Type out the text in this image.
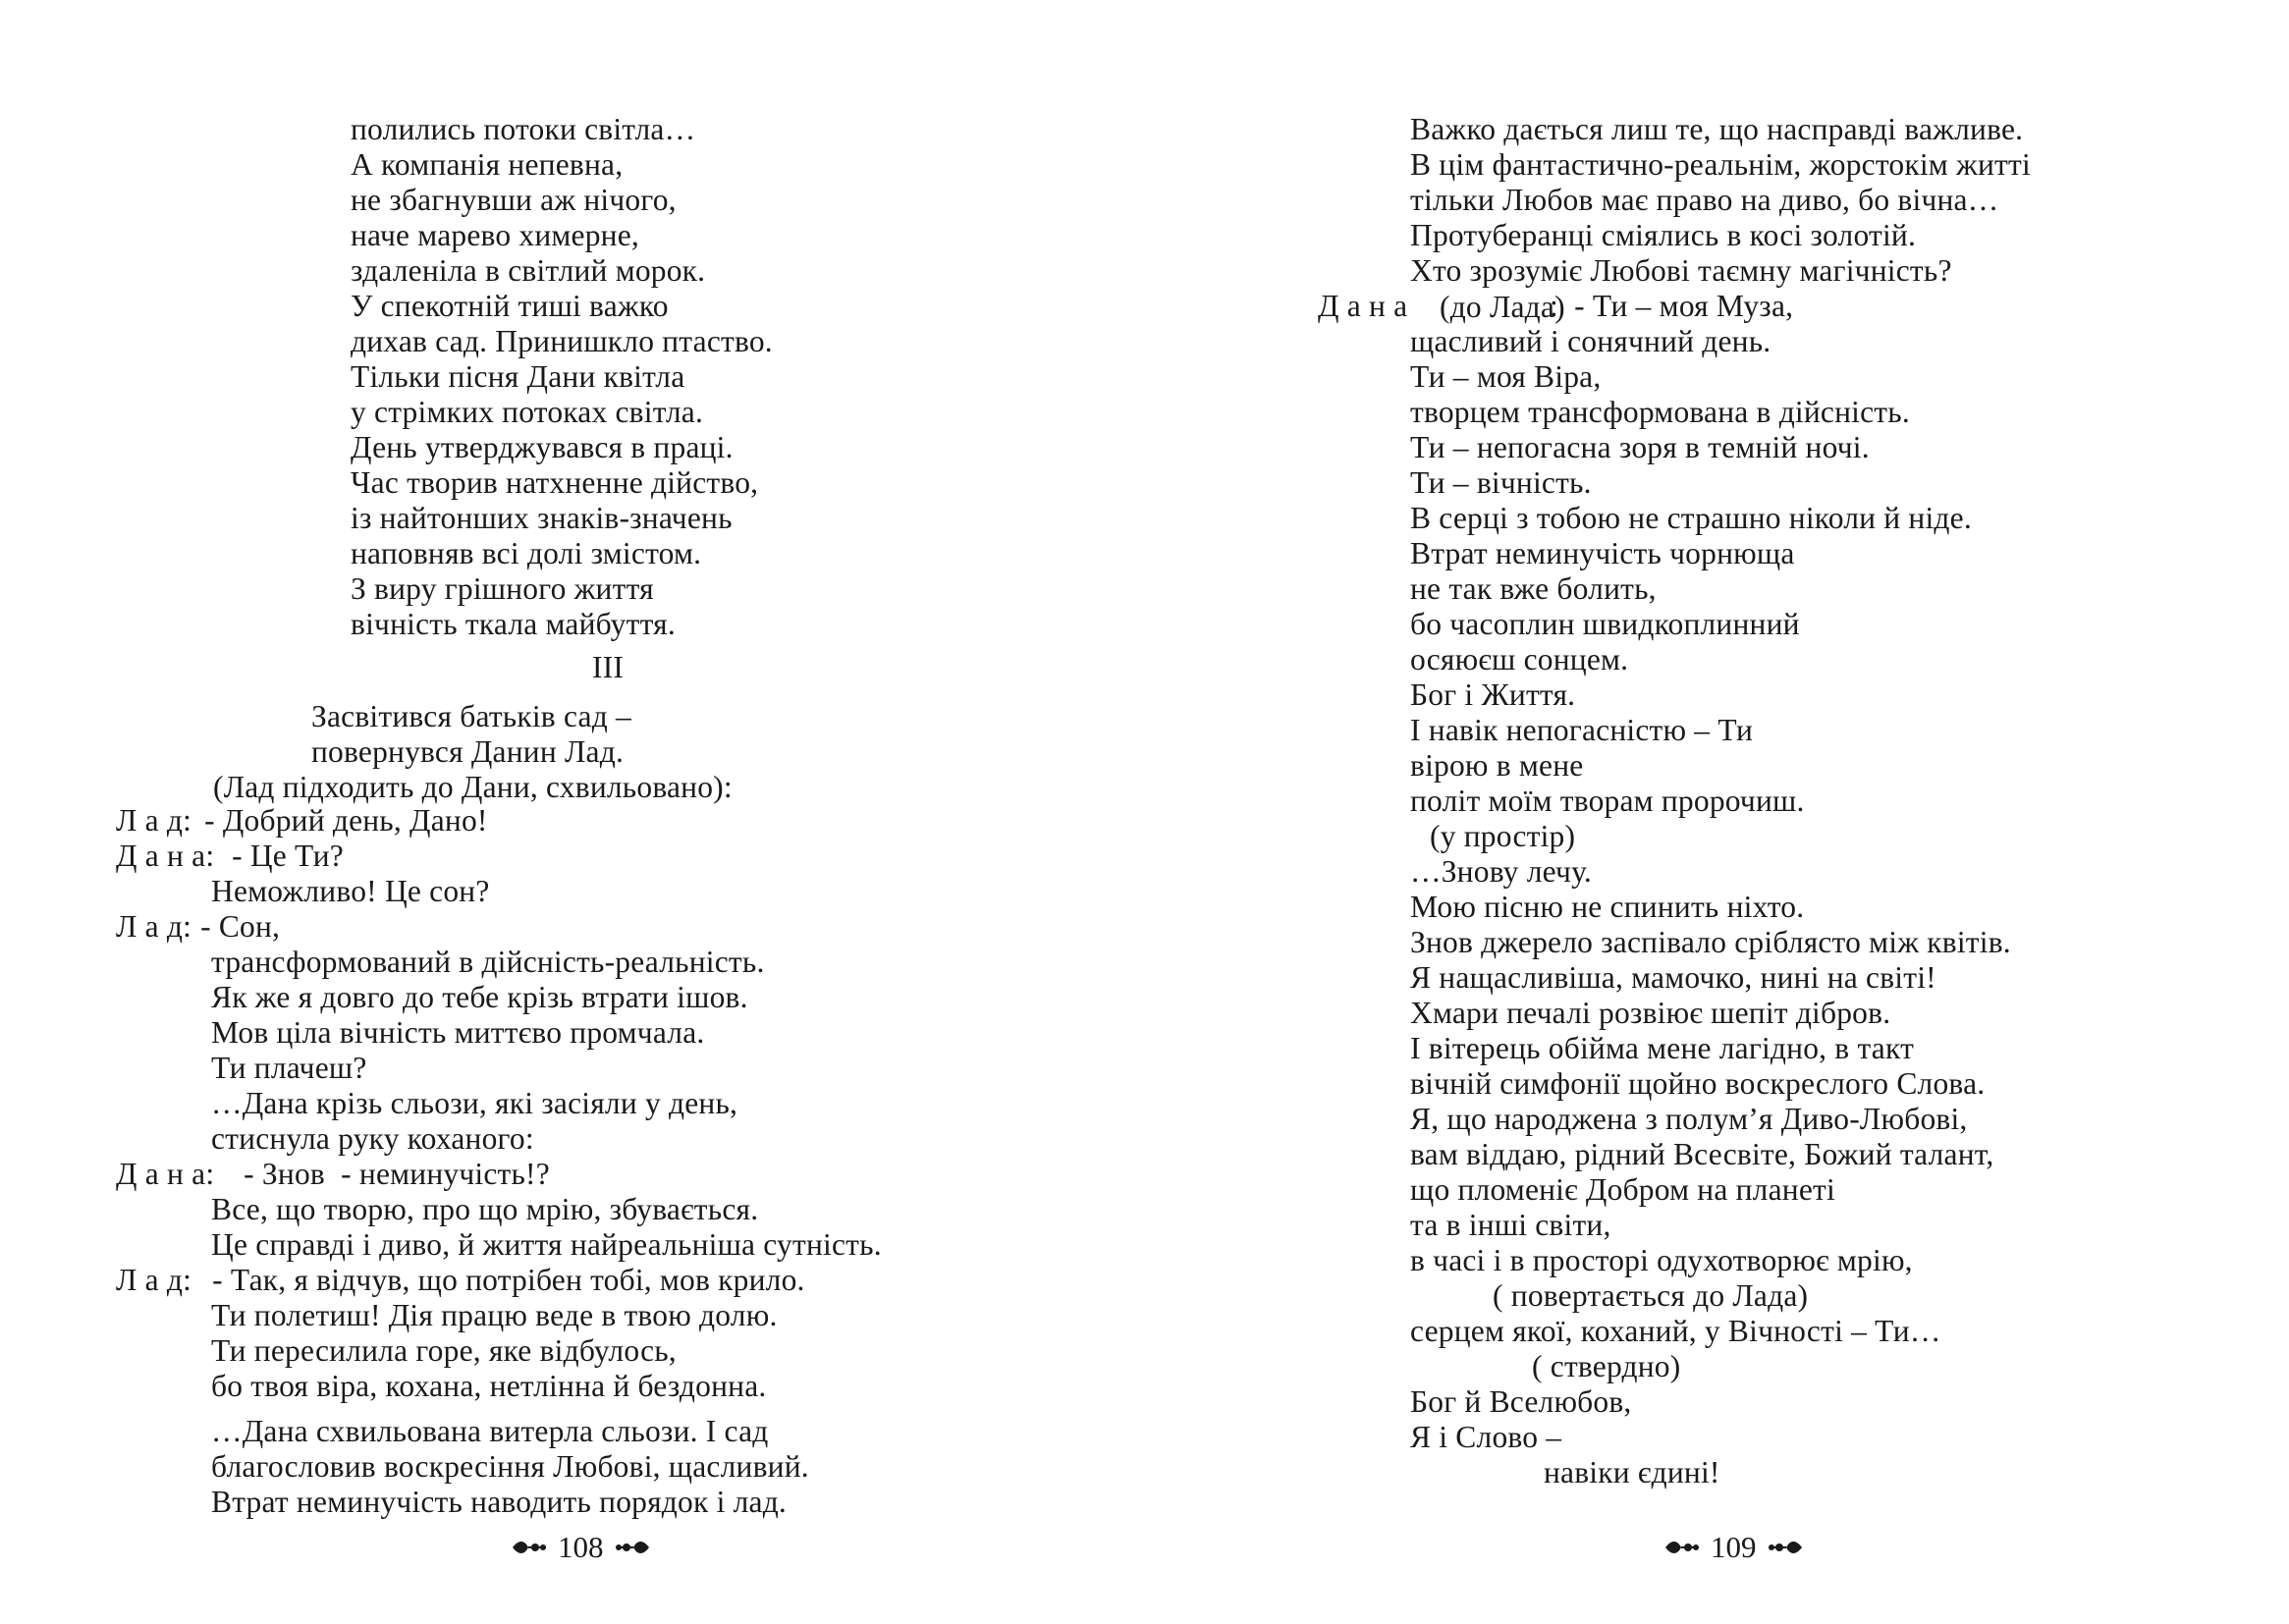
полились потоки світла…
А компанія непевна,
не збагнувши аж нічого,
наче марево химерне,
здаленіла в світлий морок.
У спекотній тиші важко
дихав сад. Принишкло птаство.
Тільки пісня Дани квітла
у стрімких потоках світла.
День утверджувався в праці.
Час творив натхненне дійство,
із найтонших знаків-значень
наповняв всі долі змістом.
З виру грішного життя
вічність ткала майбуття.
III
Засвітився батьків сад –
повернувся Данин Лад.
(Лад підходить до Дани, схвильовано):
Л а д: - Добрий день, Дано!
Д а н а: - Це Ти?
Неможливо! Це сон?
Л а д: - Сон,
трансформований в дійсність-реальність.
Як же я довго до тебе крізь втрати ішов.
Мов ціла вічність миттєво промчала.
Ти плачеш?
…Дана крізь сльози, які засіяли у день,
стиснула руку коханого:
Д а н а: - Знов  - неминучість!?
Все, що творю, про що мрію, збувається.
Це справді і диво, й життя найреальніша сутність.
Л а д: - Так, я відчув, що потрібен тобі, мов крило.
Ти полетиш! Дія працю веде в твою долю.
Ти пересилила горе, яке відбулось,
бо твоя віра, кохана, нетлінна й бездонна.
…Дана схвильована витерла сльози. І сад
благословив воскресіння Любові, щасливий.
Втрат неминучість наводить порядок і лад.
108
Важко дається лиш те, що насправді важливе.
В цім фантастично-реальнім, жорстокім житті
тільки Любов має право на диво, бо вічна…
Протуберанці сміялись в косі золотій.
Хто зрозуміє Любові таємну магічність?
Д а н а (до Лада)
:  - Ти – моя Муза,
щасливий і сонячний день.
Ти – моя Віра,
творцем трансформована в дійсність.
Ти – непогасна зоря в темній ночі.
Ти – вічність.
В серці з тобою не страшно ніколи й ніде.
Втрат неминучість чорнюща
не так вже болить,
бо часоплин швидкоплинний
осяюєш сонцем.
Бог і Життя.
І навік непогасністю – Ти
вірою в мене
політ моїм творам пророчиш.
(у простір)
…Знову лечу.
Мою пісню не спинить ніхто.
Знов джерело заспівало сріблясто між квітів.
Я нащасливіша, мамочко, нині на світі!
Хмари печалі розвіює шепіт дібров.
І вітерець обійма мене лагідно, в такт
вічній симфонії щойно воскреслого Слова.
Я, що народжена з полум’я Диво-Любові,
вам віддаю, рідний Всесвіте, Божий талант,
що пломеніє Добром на планеті
та в інші світи,
в часі і в просторі одухотворює мрію,
( повертається до Лада)
серцем якої, коханий, у Вічності – Ти…
( ствердно)
Бог й Вселюбов,
Я і Слово –
навіки єдині!
109
